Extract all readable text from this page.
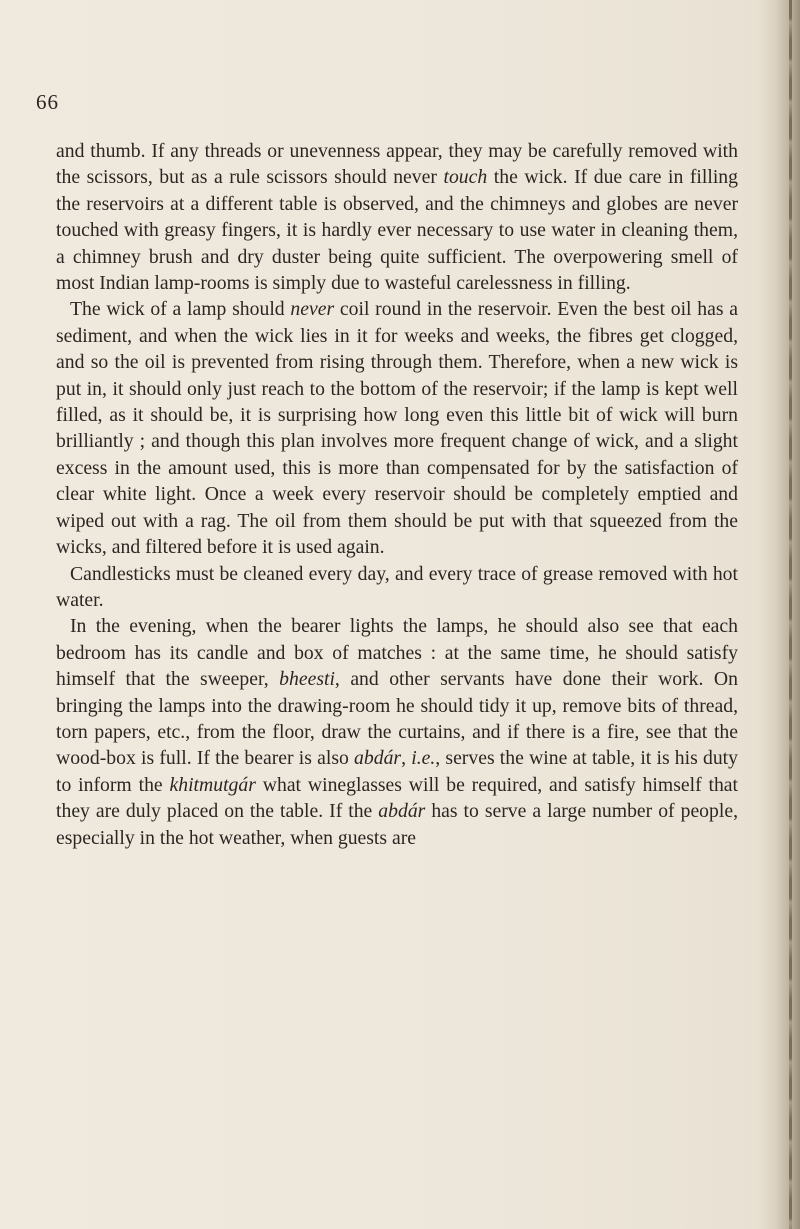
66

and thumb. If any threads or unevenness appear, they may be carefully removed with the scissors, but as a rule scissors should never touch the wick. If due care in filling the reservoirs at a different table is observed, and the chimneys and globes are never touched with greasy fingers, it is hardly ever necessary to use water in cleaning them, a chimney brush and dry duster being quite sufficient. The overpowering smell of most Indian lamp-rooms is simply due to wasteful carelessness in filling.

The wick of a lamp should never coil round in the reservoir. Even the best oil has a sediment, and when the wick lies in it for weeks and weeks, the fibres get clogged, and so the oil is prevented from rising through them. Therefore, when a new wick is put in, it should only just reach to the bottom of the reservoir; if the lamp is kept well filled, as it should be, it is surprising how long even this little bit of wick will burn brilliantly ; and though this plan involves more frequent change of wick, and a slight excess in the amount used, this is more than compensated for by the satisfaction of clear white light. Once a week every reservoir should be completely emptied and wiped out with a rag. The oil from them should be put with that squeezed from the wicks, and filtered before it is used again.

Candlesticks must be cleaned every day, and every trace of grease removed with hot water.

In the evening, when the bearer lights the lamps, he should also see that each bedroom has its candle and box of matches : at the same time, he should satisfy himself that the sweeper, bheesti, and other servants have done their work. On bringing the lamps into the drawing-room he should tidy it up, remove bits of thread, torn papers, etc., from the floor, draw the curtains, and if there is a fire, see that the wood-box is full. If the bearer is also abdár, i.e., serves the wine at table, it is his duty to inform the khitmutgár what wineglasses will be required, and satisfy himself that they are duly placed on the table. If the abdár has to serve a large number of people, especially in the hot weather, when guests are
